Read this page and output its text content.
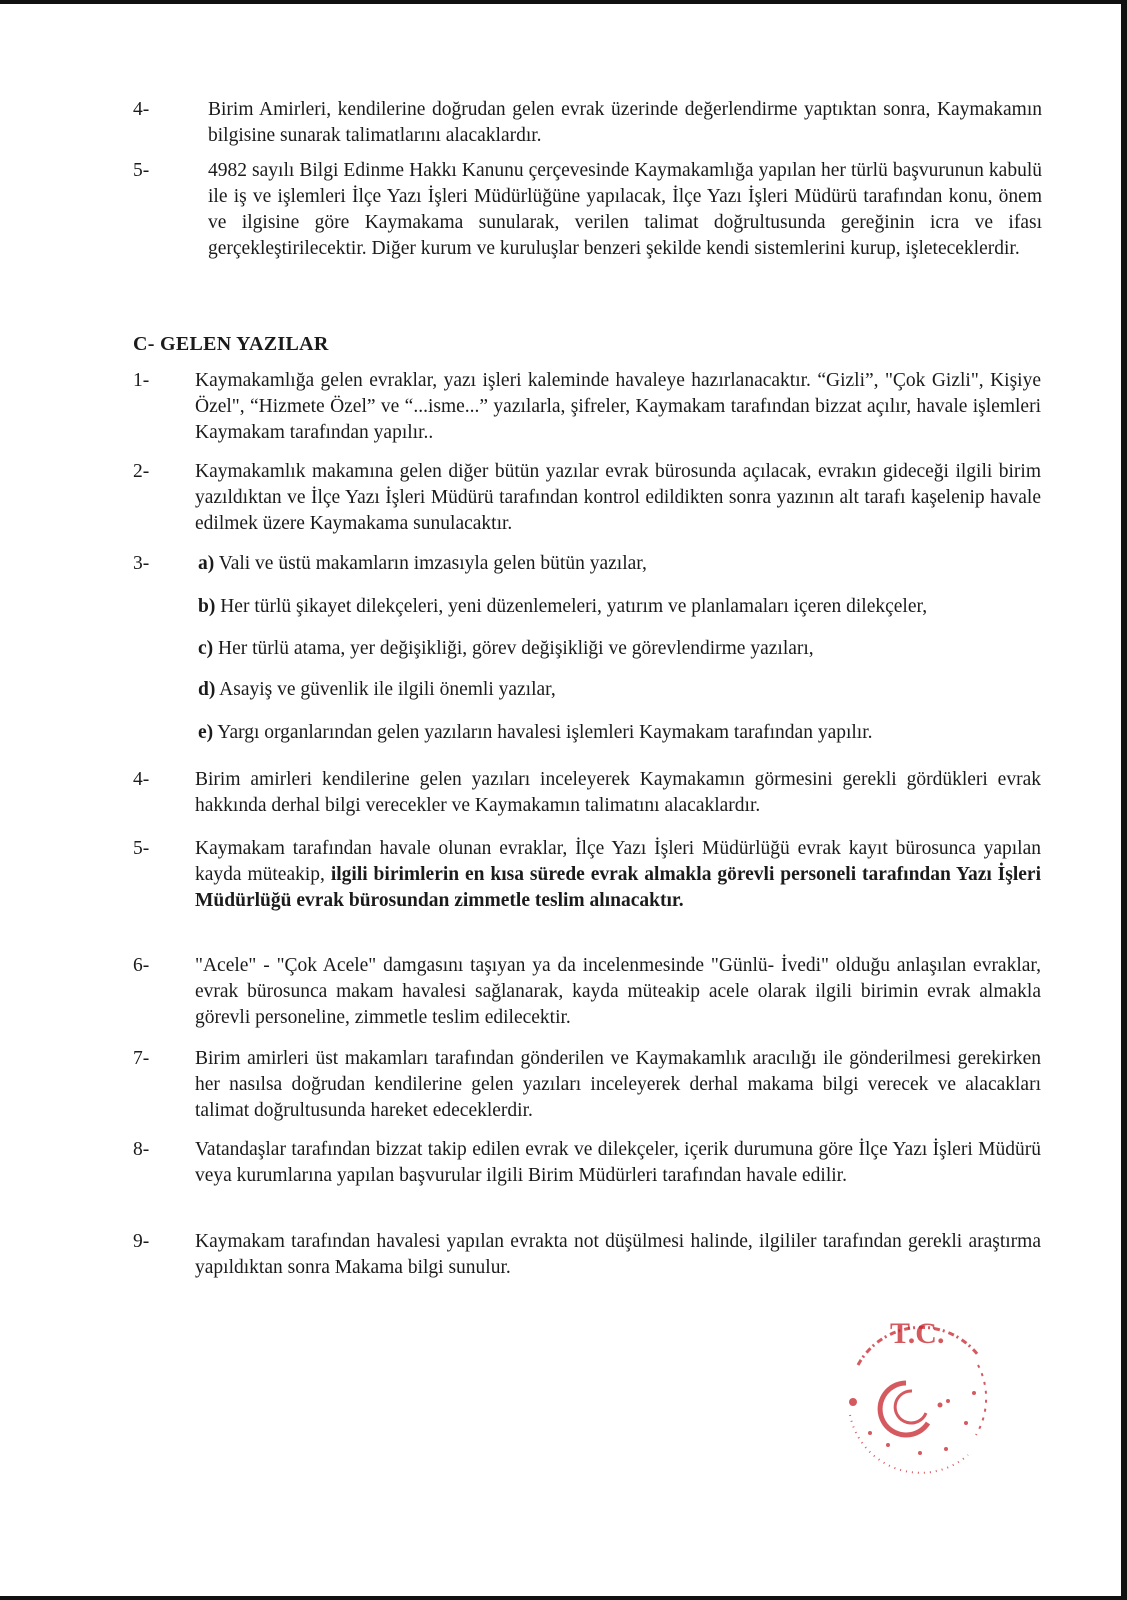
4-	Birim Amirleri, kendilerine doğrudan gelen evrak üzerinde değerlendirme yaptıktan sonra, Kaymakamın bilgisine sunarak talimatlarını alacaklardır.
5-	4982 sayılı Bilgi Edinme Hakkı Kanunu çerçevesinde Kaymakamlığa yapılan her türlü başvurunun kabulü ile iş ve işlemleri İlçe Yazı İşleri Müdürlüğüne yapılacak, İlçe Yazı İşleri Müdürü tarafından konu, önem ve ilgisine göre Kaymakama sunularak, verilen talimat doğrultusunda gereğinin icra ve ifası gerçekleştirilecektir. Diğer kurum ve kuruluşlar benzeri şekilde kendi sistemlerini kurup, işleteceklerdir.
C- GELEN YAZILAR
1- Kaymakamlığa gelen evraklar, yazı işleri kaleminde havaleye hazırlanacaktır. “Gizli”, "Çok Gizli", Kişiye Özel", “Hizmete Özel” ve “...isme...” yazılarla, şifreler, Kaymakam tarafından bizzat açılır, havale işlemleri Kaymakam tarafından yapılır..
2- Kaymakamlık makamına gelen diğer bütün yazılar evrak bürosunda açılacak, evrakın gideceği ilgili birim yazıldıktan ve İlçe Yazı İşleri Müdürü tarafından kontrol edildikten sonra yazının alt tarafı kaşelenip havale edilmek üzere Kaymakama sunulacaktır.
3-	a) Vali ve üstü makamların imzasıyla gelen bütün yazılar,
b) Her türlü şikayet dilekçeleri, yeni düzenlemeleri, yatırım ve planlamaları içeren dilekçeler,
c) Her türlü atama, yer değişikliği, görev değişikliği ve görevlendirme yazıları,
d) Asayiş ve güvenlik ile ilgili önemli yazılar,
e) Yargı organlarından gelen yazıların havalesi işlemleri Kaymakam tarafından yapılır.
4- Birim amirleri kendilerine gelen yazıları inceleyerek Kaymakamın görmesini gerekli gördükleri evrak hakkında derhal bilgi verecekler ve Kaymakamın talimatını alacaklardır.
5- Kaymakam tarafından havale olunan evraklar, İlçe Yazı İşleri Müdürlüğü evrak kayıt bürosunca yapılan kayda müteakip, ilgili birimlerin en kısa sürede evrak almakla görevli personeli tarafından Yazı İşleri Müdürlüğü evrak bürosundan zimmetle teslim alınacaktır.
6- "Acele" - "Çok Acele" damgasını taşıyan ya da incelenmesinde "Günlü- İvedi" olduğu anlaşılan evraklar, evrak bürosunca makam havalesi sağlanarak, kayda müteakip acele olarak ilgili birimin evrak almakla görevli personeline, zimmetle teslim edilecektir.
7- Birim amirleri üst makamları tarafından gönderilen ve Kaymakamlık aracılığı ile gönderilmesi gerekirken her nasılsa doğrudan kendilerine gelen yazıları inceleyerek derhal makama bilgi verecek ve alacakları talimat doğrultusunda hareket edeceklerdir.
8- Vatandaşlar tarafından bizzat takip edilen evrak ve dilekçeler, içerik durumuna göre İlçe Yazı İşleri Müdürü veya kurumlarına yapılan başvurular ilgili Birim Müdürleri tarafından havale edilir.
9- Kaymakam tarafından havalesi yapılan evrakta not düşülmesi halinde, ilgililer tarafından gerekli araştırma yapıldıktan sonra Makama bilgi sunulur.
T.C.
